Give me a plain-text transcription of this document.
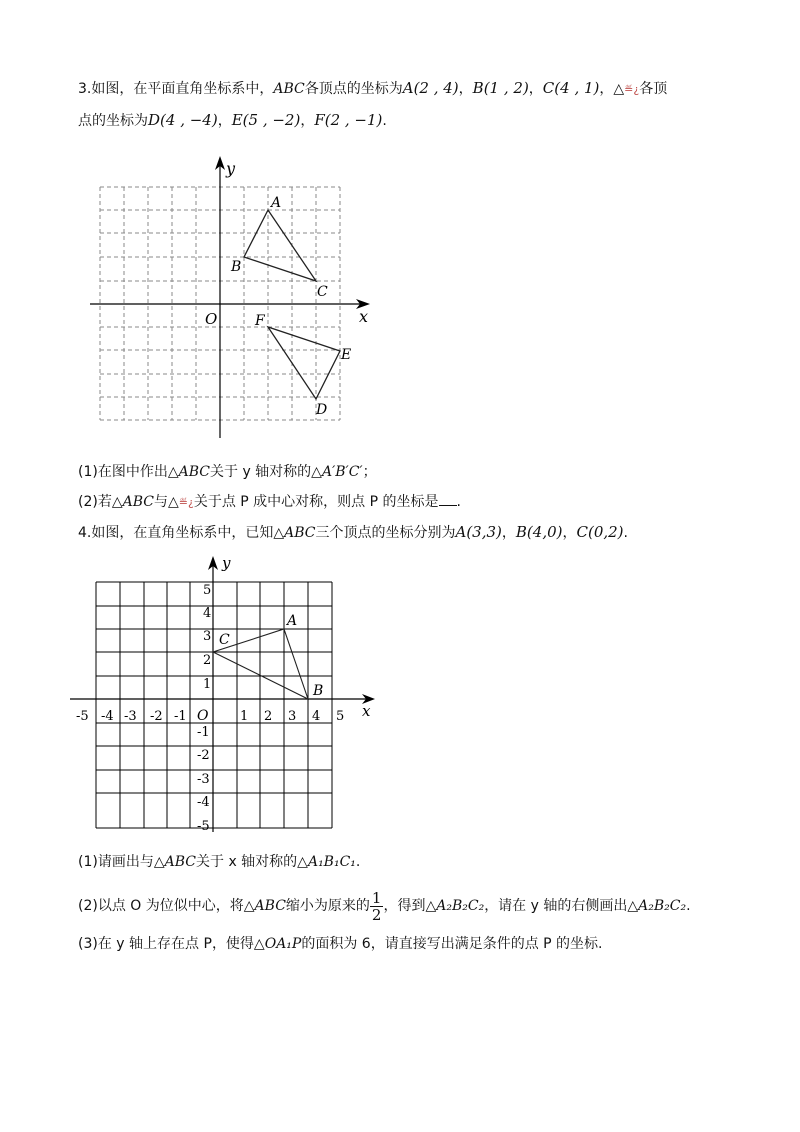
3.如图，在平面直角坐标系中，ABC各顶点的坐标为A(2 , 4)，B(1 , 2)，C(4 , 1)，△≝¿各顶
点的坐标为D(4 , −4)，E(5 , −2)，F(2 , −1).
y
x
O
A
B
C
D
E
F
(1)在图中作出△ABC关于 y 轴对称的△A′B′C′；
(2)若△ABC与△≝¿关于点 P 成中心对称，则点 P 的坐标是 .
4.如图，在直角坐标系中，已知△ABC三个顶点的坐标分别为A(3,3)，B(4,0)，C(0,2).
y
x
O
A
B
C
-5 -4 -3 -2 -1	1 2 3 4 5
5
4
3
2
1
-1
-2
-3
-4
-5
(1)请画出与△ABC关于 x 轴对称的△A₁B₁C₁.
(2)以点 O 为位似中心，将△ABC缩小为原来的 $\frac{1}{2}$ ，得到△A₂B₂C₂，请在 y 轴的右侧画出△A₂B₂C₂.
(3)在 y 轴上存在点 P，使得△OA₁P的面积为 6，请直接写出满足条件的点 P 的坐标.
